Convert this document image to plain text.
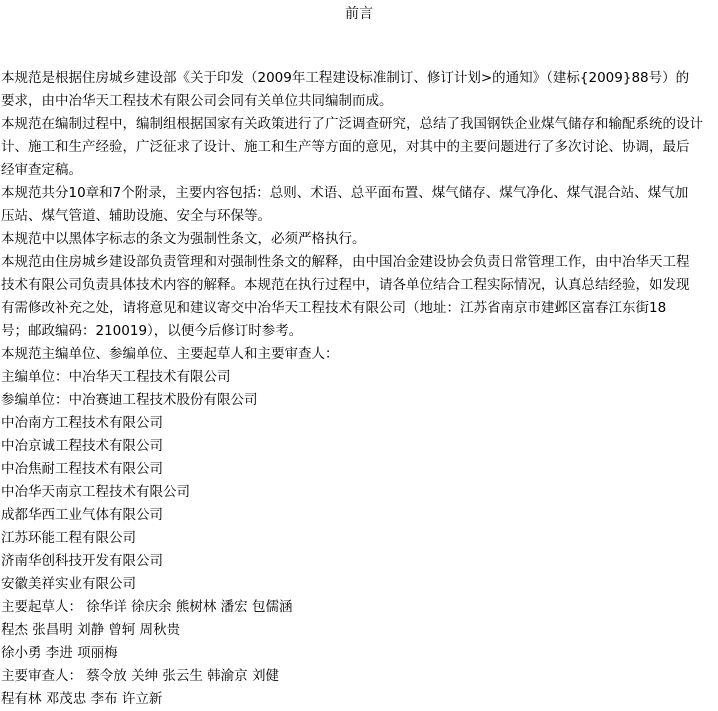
前言
本规范是根据住房城乡建设部《关于印发（2009年工程建设标准制订、修订计划>的通知》（建标{2009}88号）的
要求，由中冶华天工程技术有限公司会同有关单位共同编制而成。
本规范在编制过程中，编制组根据国家有关政策进行了广泛调查研究，总结了我国钢铁企业煤气储存和输配系统的设计
计、施工和生产经验，广泛征求了设计、施工和生产等方面的意见，对其中的主要问题进行了多次讨论、协调，最后
经审查定稿。
本规范共分10章和7个附录，主要内容包括：总则、术语、总平面布置、煤气储存、煤气净化、煤气混合站、煤气加
压站、煤气管道、辅助设施、安全与环保等。
本规范中以黑体字标志的条文为强制性条文，必须严格执行。
本规范由住房城乡建设部负责管理和对强制性条文的解释，由中国冶金建设协会负责日常管理工作，由中冶华天工程
技术有限公司负责具体技术内容的解释。本规范在执行过程中，请各单位结合工程实际情况，认真总结经验，如发现
有需修改补充之处，请将意见和建议寄交中冶华天工程技术有限公司（地址：江苏省南京市建邺区富春江东街18
号；邮政编码：210019），以便今后修订时参考。
本规范主编单位、参编单位、主要起草人和主要审查人：
主编单位：中冶华天工程技术有限公司
参编单位：中冶赛迪工程技术股份有限公司
中冶南方工程技术有限公司
中冶京诚工程技术有限公司
中冶焦耐工程技术有限公司
中冶华天南京工程技术有限公司
成都华西工业气体有限公司
江苏环能工程有限公司
济南华创科技开发有限公司
安徽美祥实业有限公司
主要起草人： 徐华详 徐庆余 熊树林 潘宏 包儒涵
程杰 张昌明 刘静 曾轲 周秋贵
徐小勇 李进 项丽梅
主要审查人： 蔡令放 关绅 张云生 韩渝京 刘健
程有林 邓茂忠 李布 许立新
